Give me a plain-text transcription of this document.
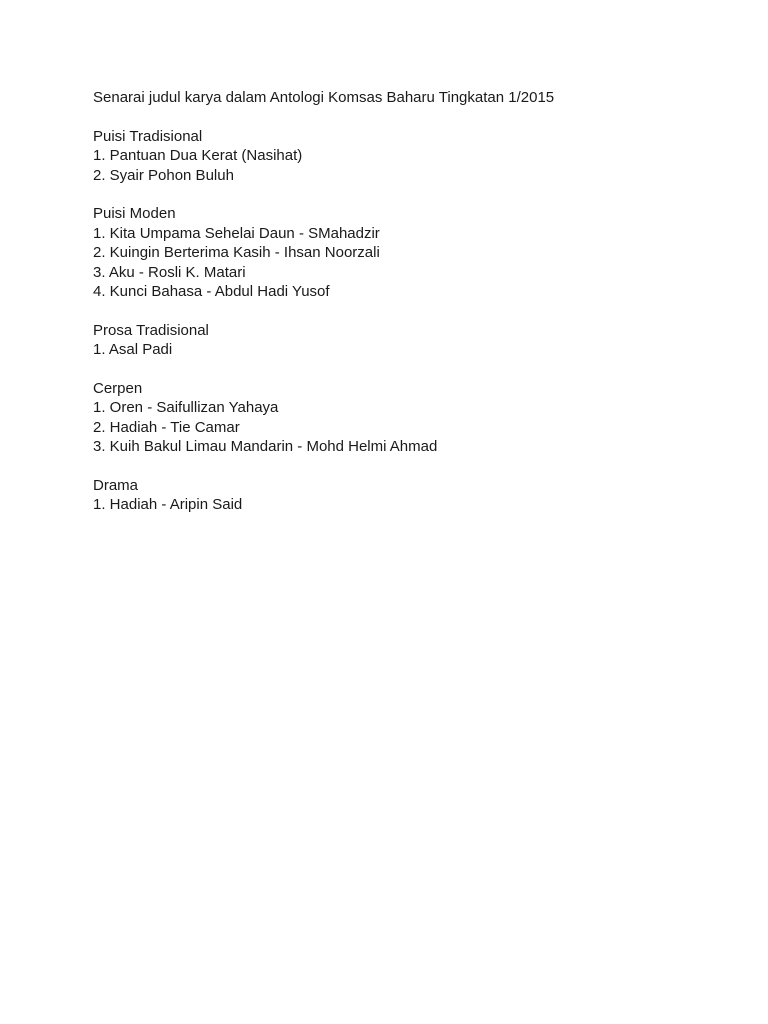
Senarai judul karya dalam Antologi Komsas Baharu Tingkatan 1/2015

Puisi Tradisional
1. Pantuan Dua Kerat (Nasihat)
2. Syair Pohon Buluh
Puisi Moden
1. Kita Umpama Sehelai Daun - SMahadzir
2. Kuingin Berterima Kasih - Ihsan Noorzali
3. Aku - Rosli K. Matari
4. Kunci Bahasa - Abdul Hadi Yusof
Prosa Tradisional
1. Asal Padi
Cerpen
1. Oren - Saifullizan Yahaya
2. Hadiah - Tie Camar
3. Kuih Bakul Limau Mandarin - Mohd Helmi Ahmad
Drama
1. Hadiah - Aripin Said
